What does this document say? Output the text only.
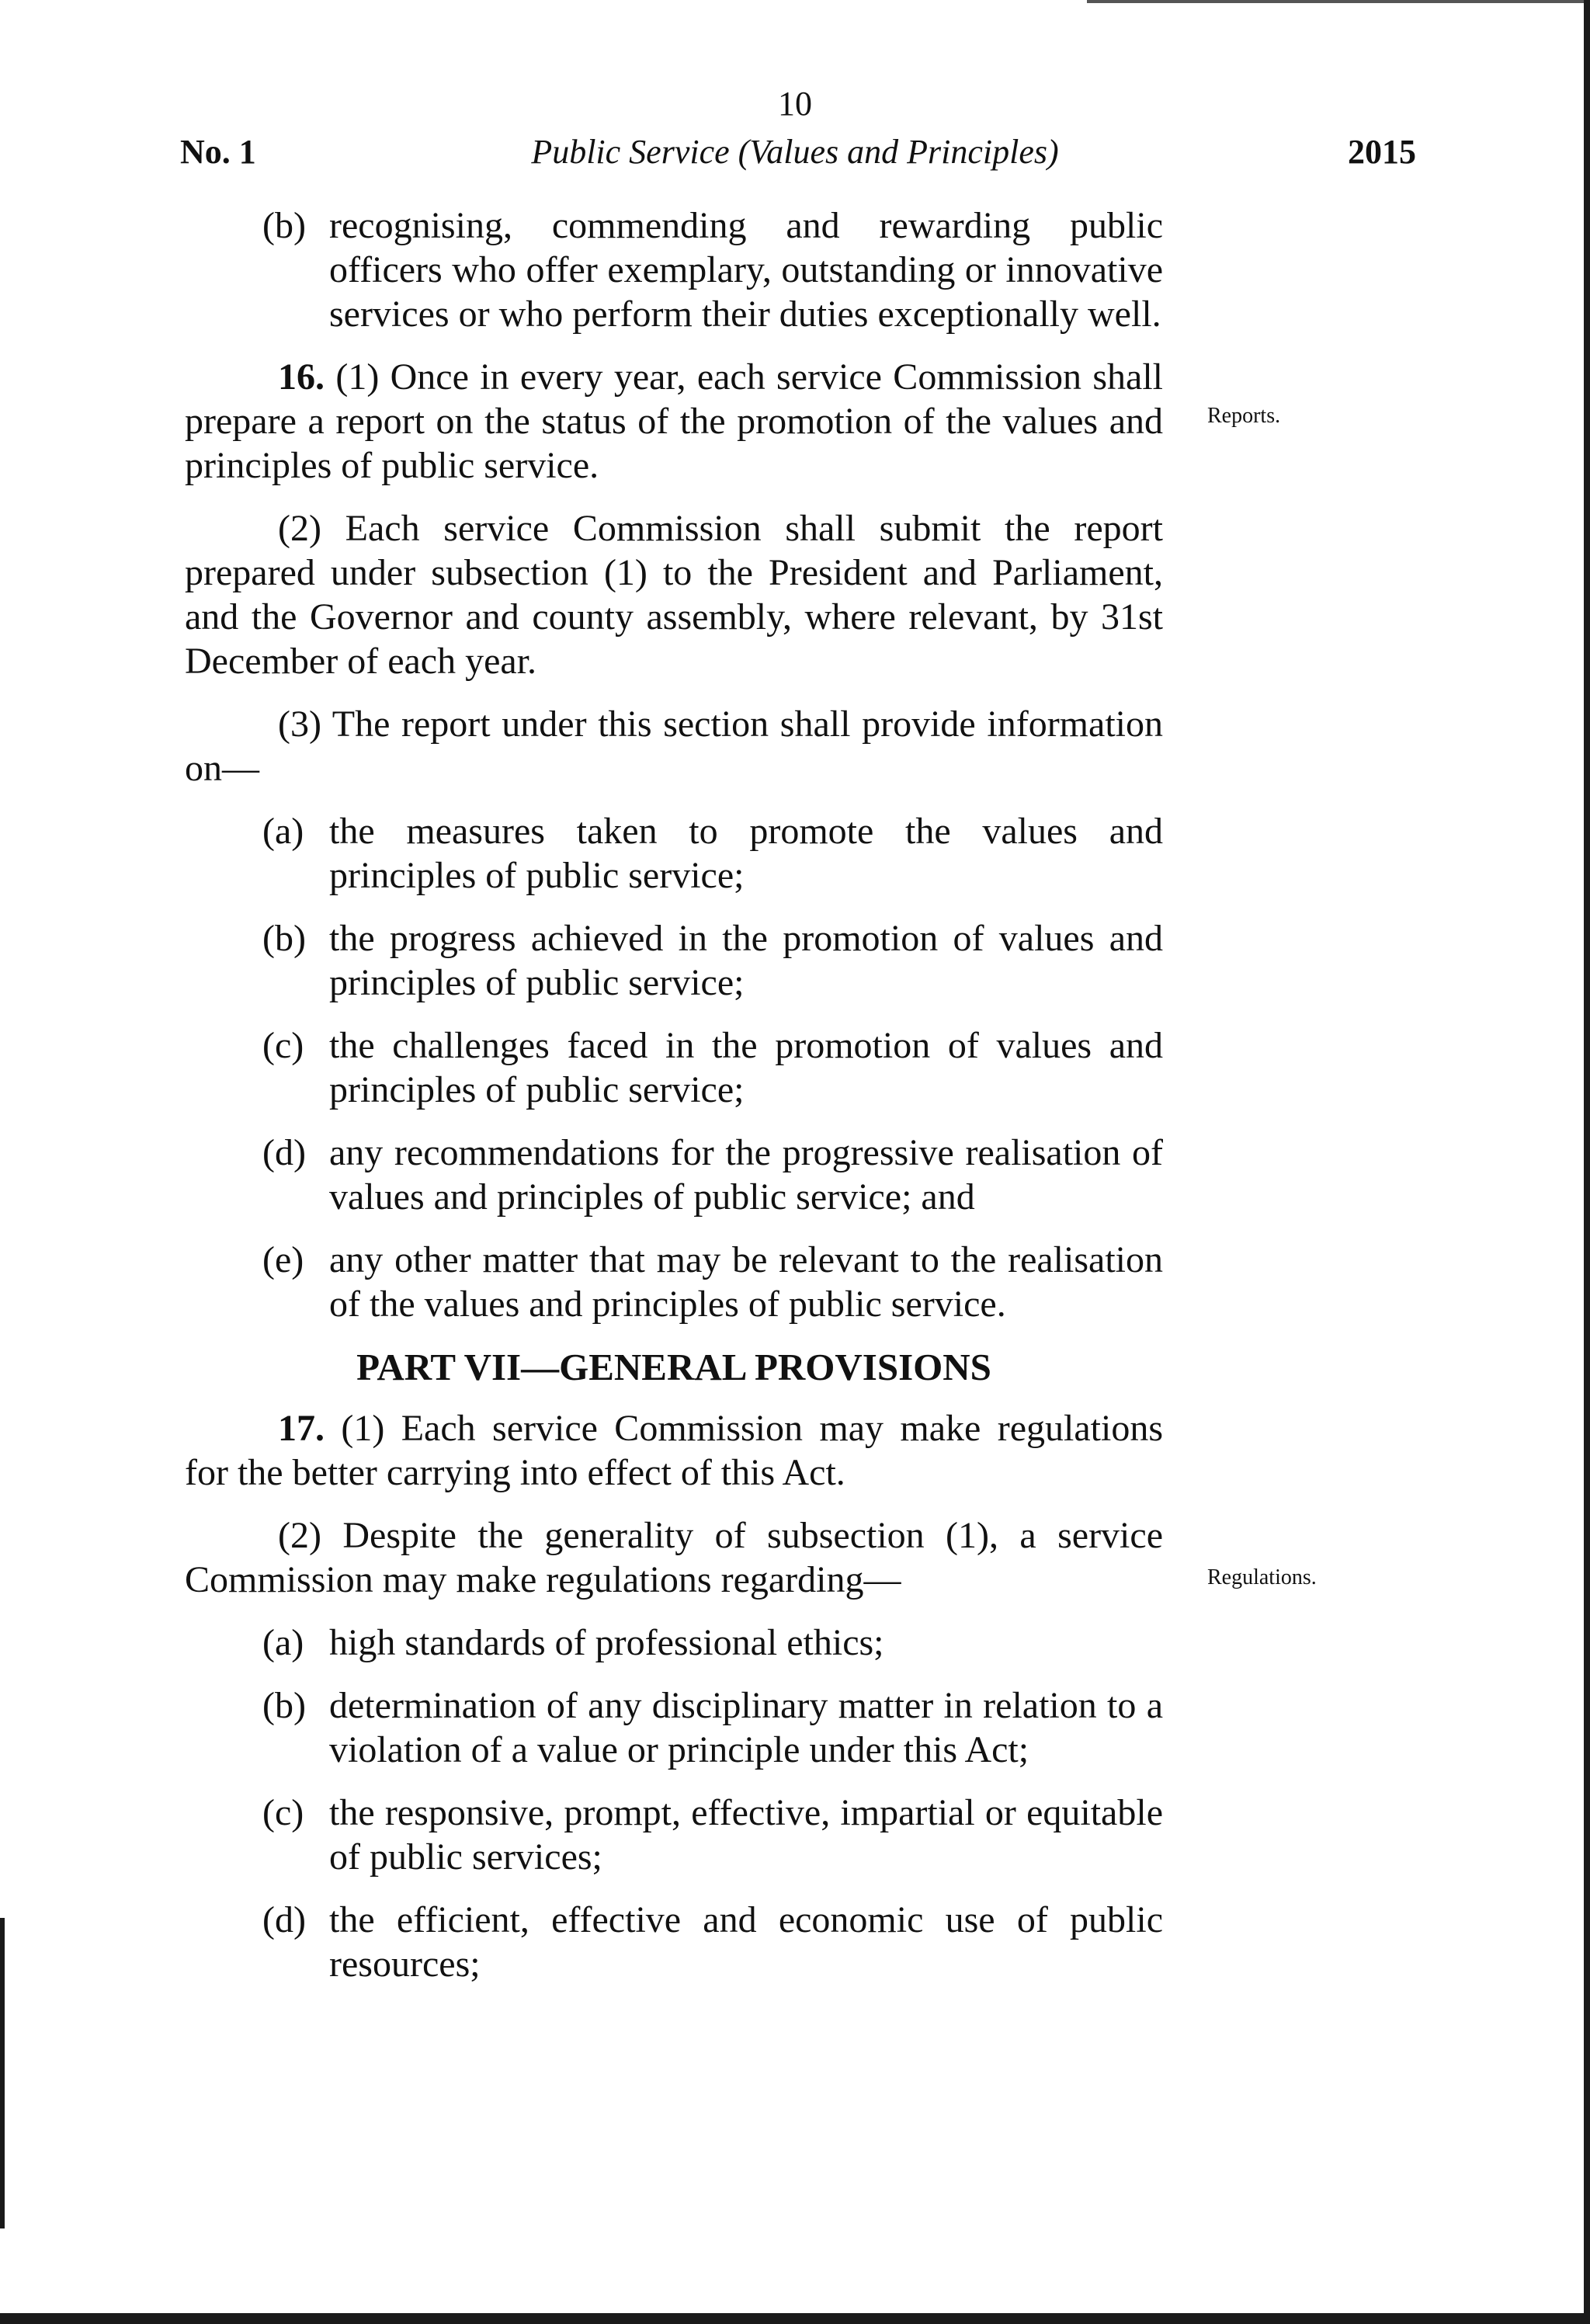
10
Public Service (Values and Principles)
No. 1	2015
Reports.
Regulations.
(b) recognising, commending and rewarding public officers who offer exemplary, outstanding or innovative services or who perform their duties exceptionally well.

16. (1) Once in every year, each service Commission shall prepare a report on the status of the promotion of the values and principles of public service.

(2) Each service Commission shall submit the report prepared under subsection (1) to the President and Parliament, and the Governor and county assembly, where relevant, by 31st December of each year.

(3) The report under this section shall provide information on—

(a) the measures taken to promote the values and principles of public service;
(b) the progress achieved in the promotion of values and principles of public service;
(c) the challenges faced in the promotion of values and principles of public service;
(d) any recommendations for the progressive realisation of values and principles of public service; and
(e) any other matter that may be relevant to the realisation of the values and principles of public service.
PART VII—GENERAL PROVISIONS

17. (1) Each service Commission may make regulations for the better carrying into effect of this Act.

(2) Despite the generality of subsection (1), a service Commission may make regulations regarding—

(a) high standards of professional ethics;
(b) determination of any disciplinary matter in relation to a violation of a value or principle under this Act;
(c) the responsive, prompt, effective, impartial or equitable of public services;
(d) the efficient, effective and economic use of public resources;
